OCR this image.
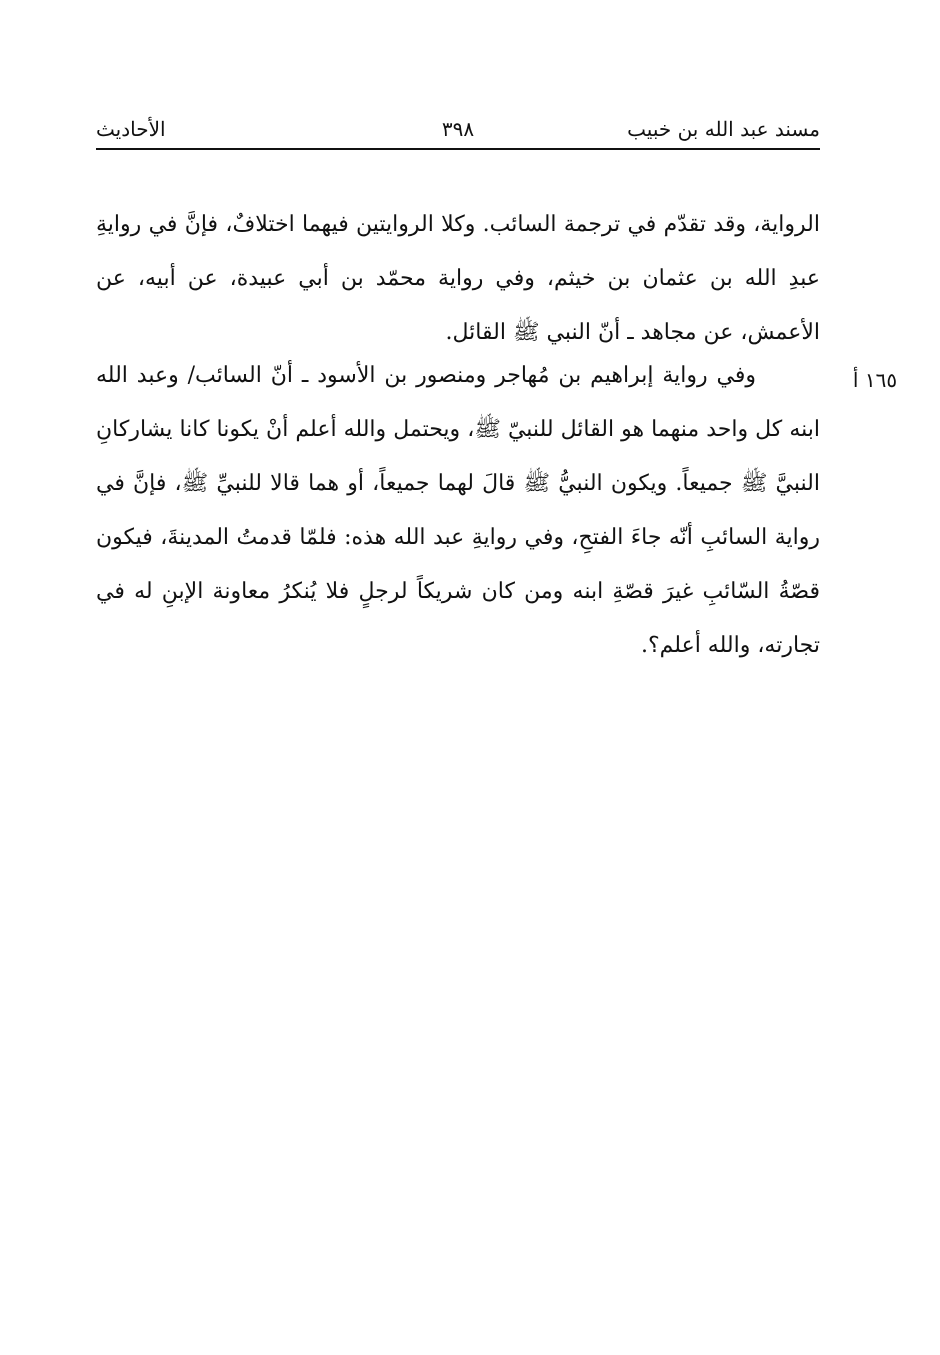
مسند عبد الله بن خبيب
٣٩٨
الأحاديث

الرواية، وقد تقدّم في ترجمة السائب. وكلا الروايتين فيهما اختلافٌ، فإنَّ في روايةِ عبدِ الله بن عثمان بن خيثم، وفي رواية محمّد بن أبي عبيدة، عن أبيه، عن الأعمش، عن مجاهد ـ أنّ النبي ﷺ القائل.

١٦٥ أ
وفي رواية إبراهيم بن مُهاجر ومنصور بن الأسود ـ أنّ السائب/ وعبد الله ابنه كل واحد منهما هو القائل للنبيّ ﷺ، ويحتمل والله أعلم أنْ يكونا كانا يشاركانِ النبيَّ ﷺ جميعاً. ويكون النبيُّ ﷺ قالَ لهما جميعاً، أو هما قالا للنبيِّ ﷺ، فإنَّ في رواية السائبِ أنّه جاءَ الفتحِ، وفي روايةِ عبد الله هذه: فلمّا قدمتُ المدينةَ، فيكون قصّةُ السّائبِ غيرَ قصّةِ ابنه ومن كان شريكاً لرجلٍ فلا يُنكرُ معاونة الإبنِ له في تجارته، والله أعلم؟.
